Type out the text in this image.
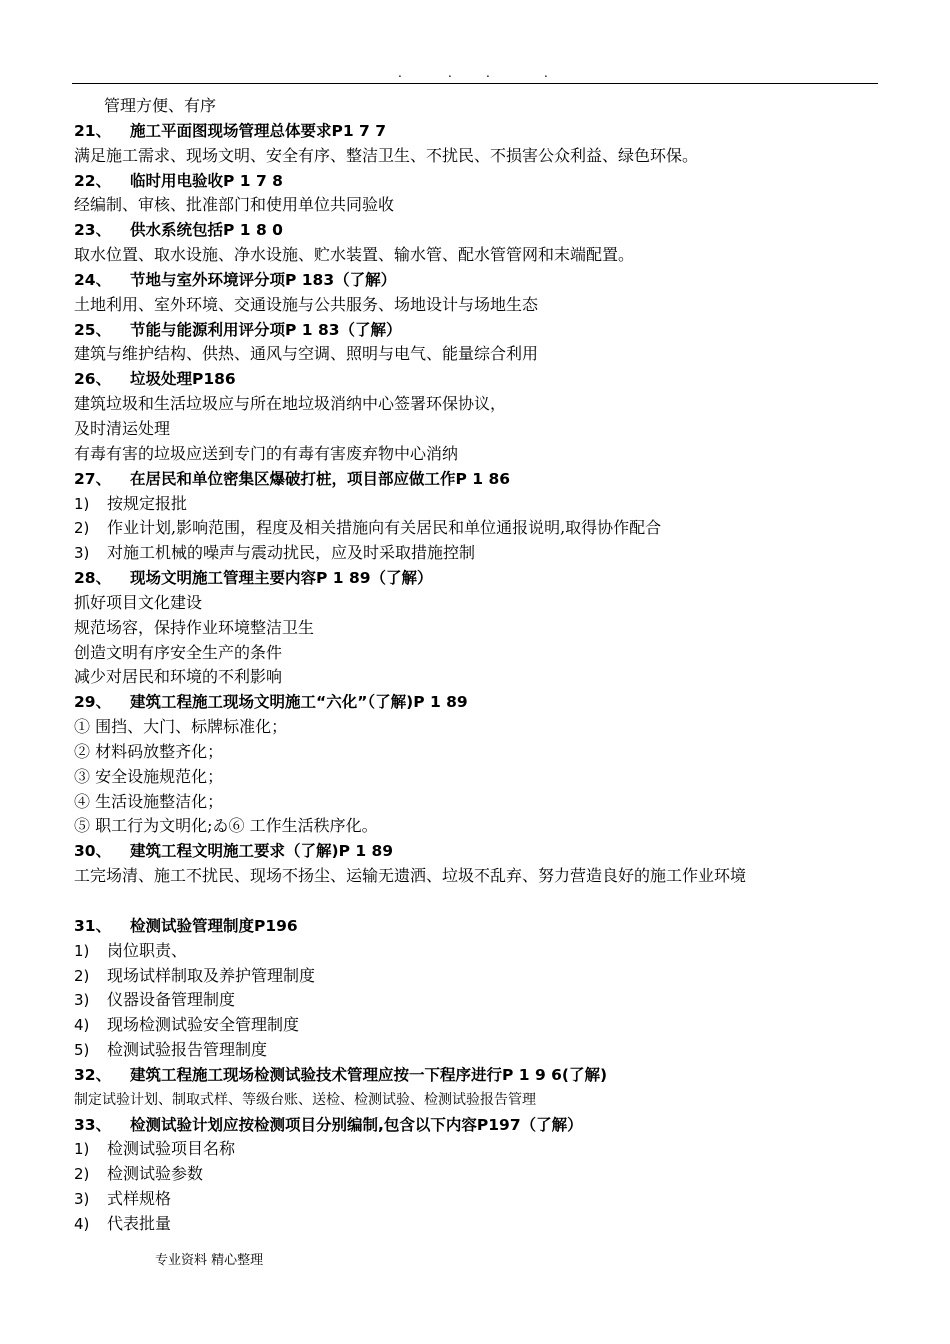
.	.	.	.
管理方便、有序
21、 施工平面图现场管理总体要求P1 7 7
满足施工需求、现场文明、安全有序、整洁卫生、不扰民、不损害公众利益、绿色环保。
22、 临时用电验收P 1 7 8
经编制、审核、批准部门和使用单位共同验收
23、 供水系统包括P 1 8 0
取水位置、取水设施、净水设施、贮水装置、输水管、配水管管网和末端配置。
24、 节地与室外环境评分项P 183（了解）
土地利用、室外环境、交通设施与公共服务、场地设计与场地生态
25、 节能与能源利用评分项P 1 83（了解）
建筑与维护结构、供热、通风与空调、照明与电气、能量综合利用
26、 垃圾处理P186
建筑垃圾和生活垃圾应与所在地垃圾消纳中心签署环保协议，
及时清运处理
有毒有害的垃圾应送到专门的有毒有害废弃物中心消纳
27、 在居民和单位密集区爆破打桩，项目部应做工作P 1 86
1) 按规定报批
2) 作业计划,影响范围，程度及相关措施向有关居民和单位通报说明,取得协作配合
3) 对施工机械的噪声与震动扰民，应及时采取措施控制
28、 现场文明施工管理主要内容P 1 89（了解）
抓好项目文化建设
规范场容，保持作业环境整洁卫生
创造文明有序安全生产的条件
减少对居民和环境的不利影响
29、 建筑工程施工现场文明施工“六化”（了解)P 1 89
① 围挡、大门、标牌标准化；
② 材料码放整齐化；
③ 安全设施规范化；
④ 生活设施整洁化；
⑤ 职工行为文明化;ゐ⑥ 工作生活秩序化。
30、 建筑工程文明施工要求（了解)P 1 89
工完场清、施工不扰民、现场不扬尘、运输无遗洒、垃圾不乱弃、努力营造良好的施工作业环境
31、 检测试验管理制度P196
1) 岗位职责、
2) 现场试样制取及养护管理制度
3) 仪器设备管理制度
4) 现场检测试验安全管理制度
5) 检测试验报告管理制度
32、 建筑工程施工现场检测试验技术管理应按一下程序进行P 1 9 6(了解)
制定试验计划、制取式样、等级台账、送检、检测试验、检测试验报告管理
33、 检测试验计划应按检测项目分别编制,包含以下内容P197（了解）
1) 检测试验项目名称
2) 检测试验参数
3) 式样规格
4) 代表批量
专业资料 精心整理
